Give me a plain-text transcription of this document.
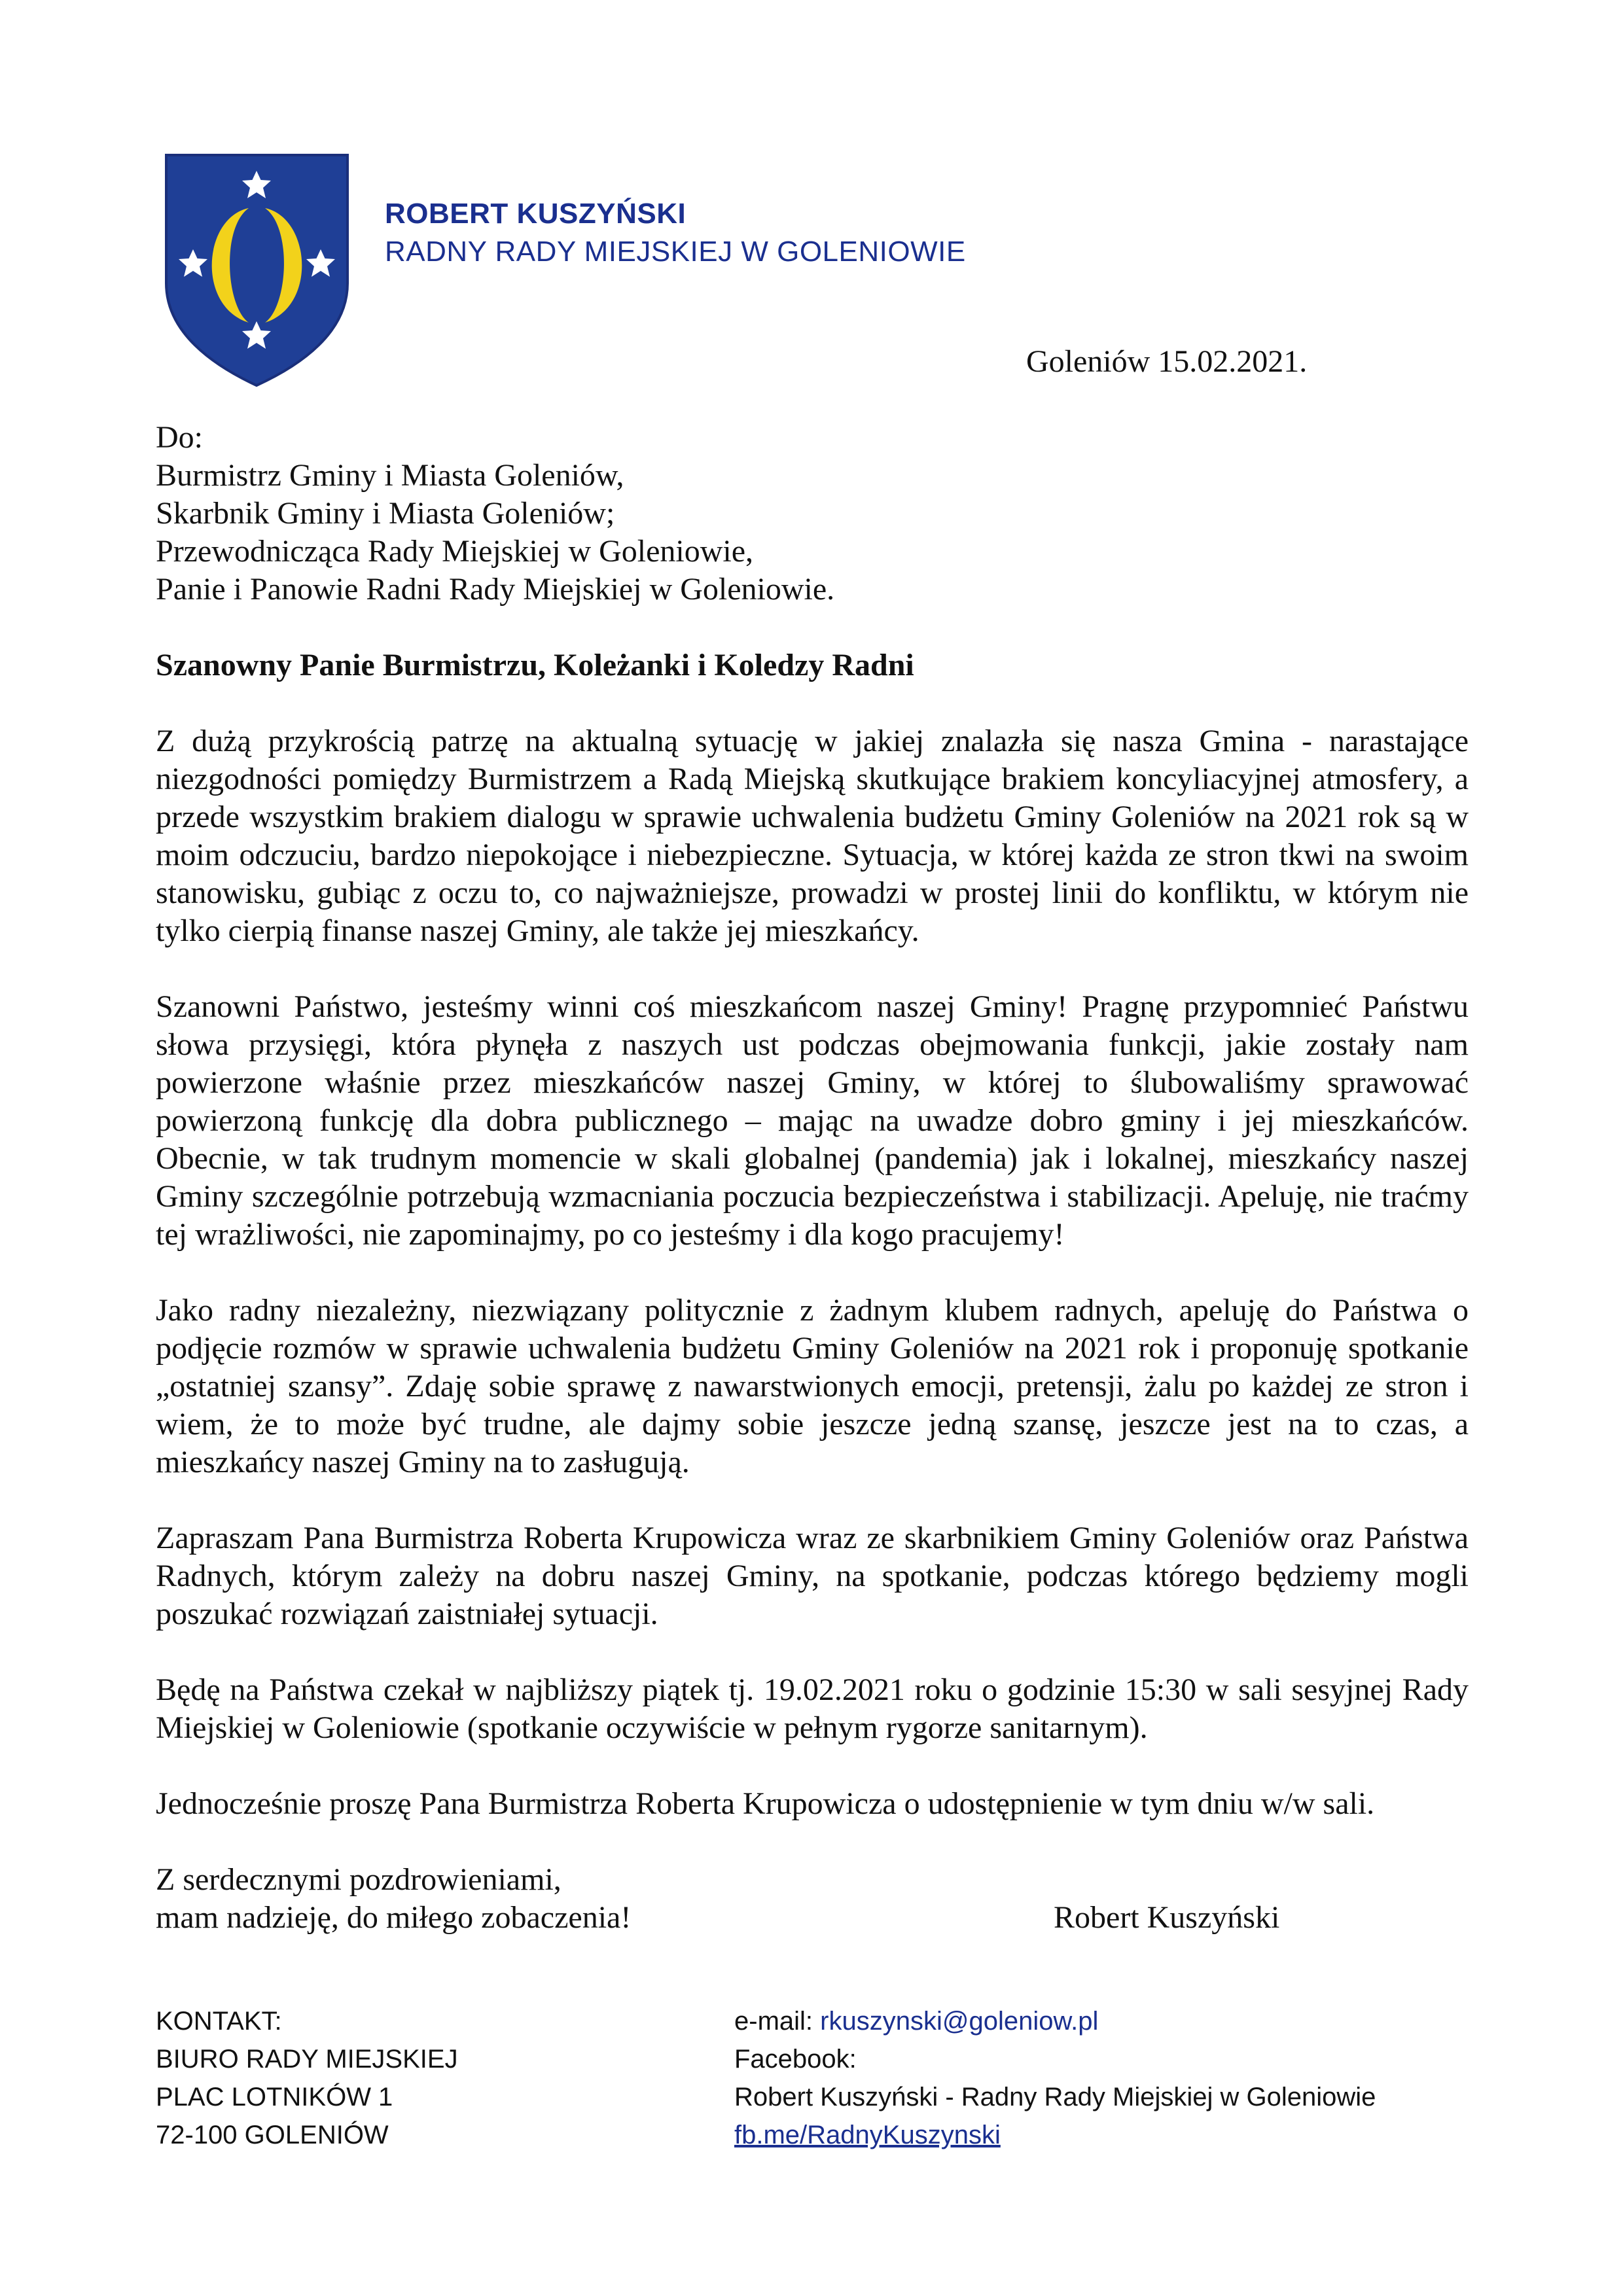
ROBERT KUSZYŃSKI
RADNY RADY MIEJSKIEJ W GOLENIOWIE
Goleniów 15.02.2021.

Do:

Burmistrz Gminy i Miasta Goleniów,

Skarbnik Gminy i Miasta Goleniów;

Przewodnicząca Rady Miejskiej w Goleniowie,

Panie i Panowie Radni Rady Miejskiej w Goleniowie.

Szanowny Panie Burmistrzu, Koleżanki i Koledzy Radni

Z dużą przykrością patrzę na aktualną sytuację w jakiej znalazła się nasza Gmina - narastające niezgodności pomiędzy Burmistrzem a Radą Miejską skutkujące brakiem koncyliacyjnej atmosfery, a przede wszystkim brakiem dialogu w sprawie uchwalenia budżetu Gminy Goleniów na 2021 rok są w moim odczuciu, bardzo niepokojące i niebezpieczne. Sytuacja, w której każda ze stron tkwi na swoim stanowisku, gubiąc z oczu to, co najważniejsze, prowadzi w prostej linii do konfliktu, w którym nie tylko cierpią finanse naszej Gminy, ale także jej mieszkańcy.

Szanowni Państwo, jesteśmy winni coś mieszkańcom naszej Gminy! Pragnę przypomnieć Państwu słowa przysięgi, która płynęła z naszych ust podczas obejmowania funkcji, jakie zostały nam powierzone właśnie przez mieszkańców naszej Gminy, w której to ślubowaliśmy sprawować powierzoną funkcję dla dobra publicznego – mając na uwadze dobro gminy i jej mieszkańców. Obecnie, w tak trudnym momencie w skali globalnej (pandemia) jak i lokalnej, mieszkańcy naszej Gminy szczególnie potrzebują wzmacniania poczucia bezpieczeństwa i stabilizacji. Apeluję, nie traćmy tej wrażliwości, nie zapominajmy, po co jesteśmy i dla kogo pracujemy!

Jako radny niezależny, niezwiązany politycznie z żadnym klubem radnych, apeluję do Państwa o podjęcie rozmów w sprawie uchwalenia budżetu Gminy Goleniów na 2021 rok i proponuję spotkanie „ostatniej szansy”. Zdaję sobie sprawę z nawarstwionych emocji, pretensji, żalu po każdej ze stron i wiem, że to może być trudne, ale dajmy sobie jeszcze jedną szansę, jeszcze jest na to czas, a mieszkańcy naszej Gminy na to zasługują.

Zapraszam Pana Burmistrza Roberta Krupowicza wraz ze skarbnikiem Gminy Goleniów oraz Państwa Radnych, którym zależy na dobru naszej Gminy, na spotkanie, podczas którego będziemy mogli poszukać rozwiązań zaistniałej sytuacji.

Będę na Państwa czekał w najbliższy piątek tj. 19.02.2021 roku o godzinie 15:30 w sali sesyjnej Rady Miejskiej w Goleniowie (spotkanie oczywiście w pełnym rygorze sanitarnym).

Jednocześnie proszę Pana Burmistrza Roberta Krupowicza o udostępnienie w tym dniu w/w sali.

Z serdecznymi pozdrowieniami,

mam nadzieję, do miłego zobaczenia!	Robert Kuszyński
KONTAKT:
BIURO RADY MIEJSKIEJ
PLAC LOTNIKÓW 1
72-100 GOLENIÓW
e-mail: rkuszynski@goleniow.pl
Facebook:
Robert Kuszyński - Radny Rady Miejskiej w Goleniowie
fb.me/RadnyKuszynski
